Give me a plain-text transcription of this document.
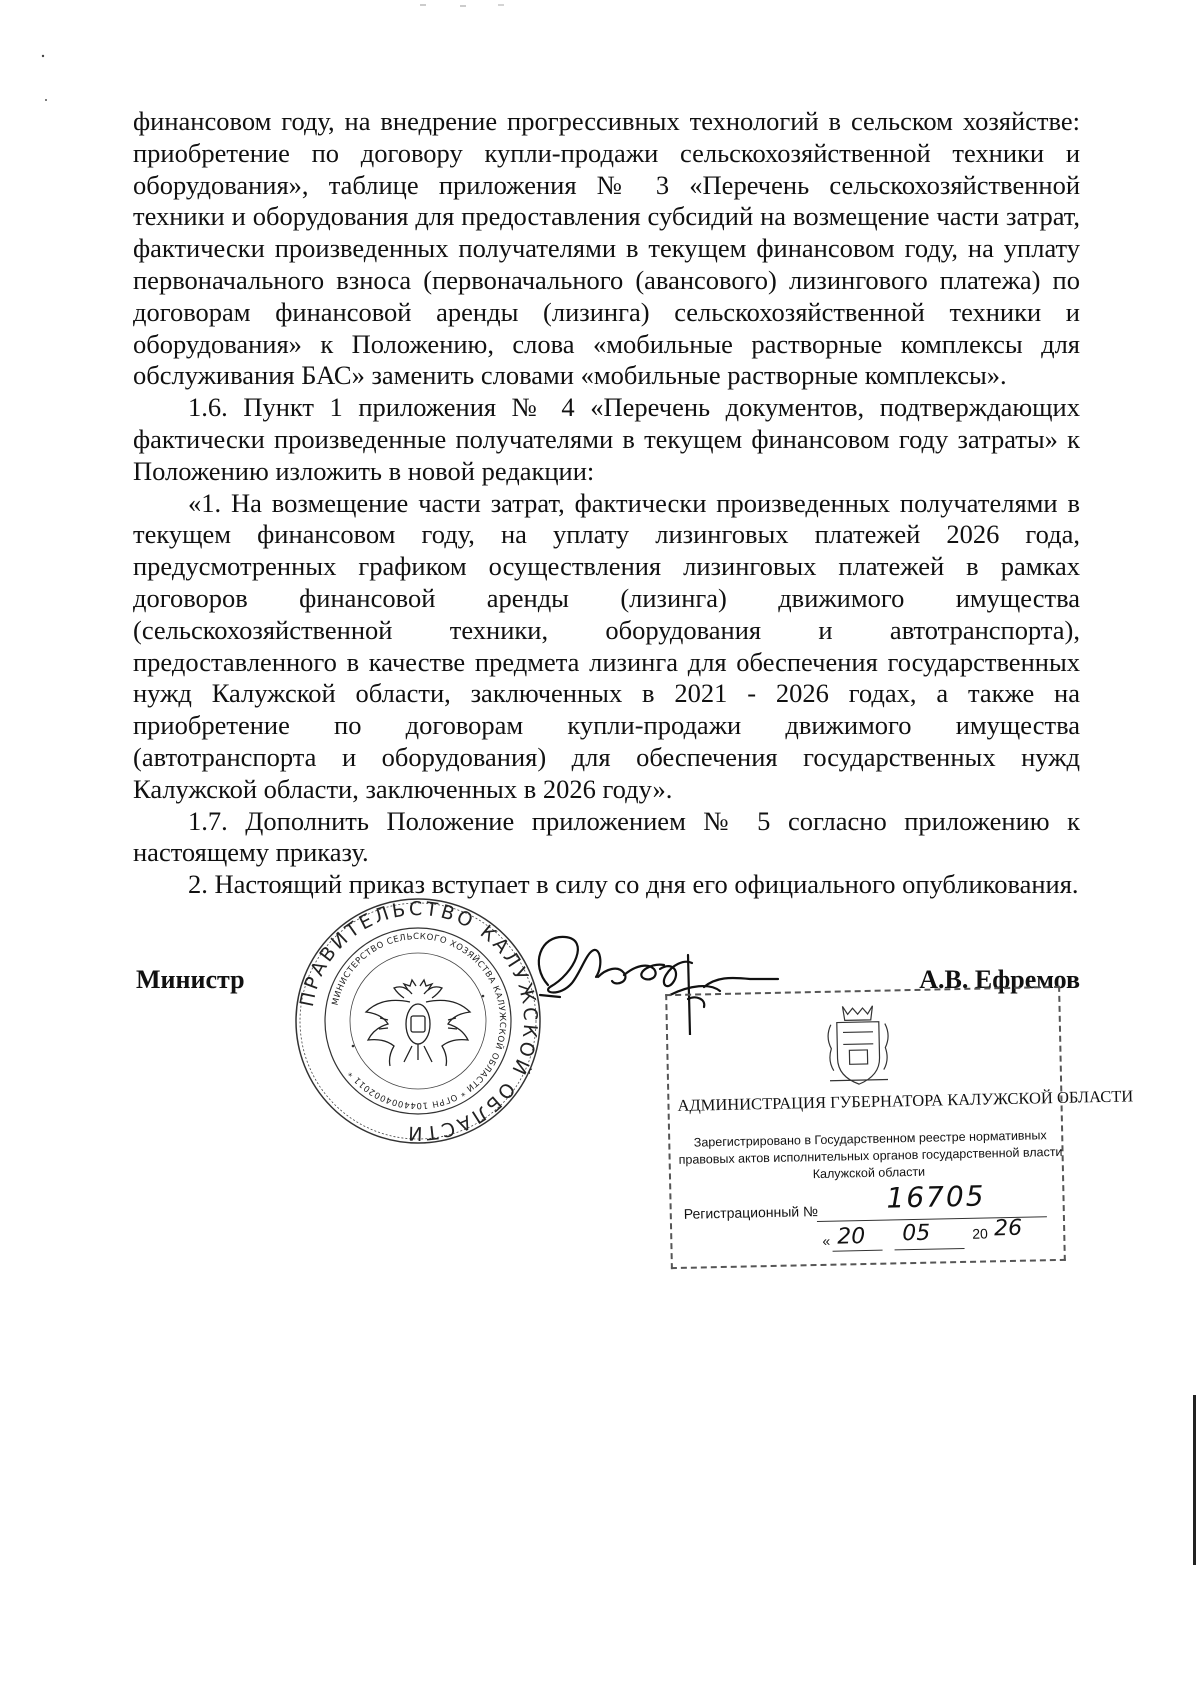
финансовом году, на внедрение прогрессивных технологий в сельском хозяйстве: приобретение по договору купли-продажи сельскохозяйственной техники и оборудования», таблице приложения № 3 «Перечень сельскохозяйственной техники и оборудования для предоставления субсидий на возмещение части затрат, фактически произведенных получателями в текущем финансовом году, на уплату первоначального взноса (первоначального (авансового) лизингового платежа) по договорам финансовой аренды (лизинга) сельскохозяйственной техники и оборудования» к Положению, слова «мобильные растворные комплексы для обслуживания БАС» заменить словами «мобильные растворные комплексы».

1.6. Пункт 1 приложения № 4 «Перечень документов, подтверждающих фактически произведенные получателями в текущем финансовом году затраты» к Положению изложить в новой редакции:

«1. На возмещение части затрат, фактически произведенных получателями в текущем финансовом году, на уплату лизинговых платежей 2026 года, предусмотренных графиком осуществления лизинговых платежей в рамках договоров финансовой аренды (лизинга) движимого имущества (сельскохозяйственной техники, оборудования и автотранспорта), предоставленного в качестве предмета лизинга для обеспечения государственных нужд Калужской области, заключенных в 2021 - 2026 годах, а также на приобретение по договорам купли-продажи движимого имущества (автотранспорта и оборудования) для обеспечения государственных нужд Калужской области, заключенных в 2026 году».

1.7. Дополнить Положение приложением № 5 согласно приложению к настоящему приказу.

2. Настоящий приказ вступает в силу со дня его официального опубликования.

ПРАВИТЕЛЬСТВО КАЛУЖСКОЙ ОБЛАСТИ
МИНИСТЕРСТВО СЕЛЬСКОГО ХОЗЯЙСТВА КАЛУЖСКОЙ ОБЛАСТИ * ОГРН 1044004002011 *
Министр	А.В. Ефремов
АДМИНИСТРАЦИЯ ГУБЕРНАТОРА КАЛУЖСКОЙ ОБЛАСТИ
Зарегистрировано в Государственном реестре нормативных
правовых актов исполнительных органов государственной власти
Калужской области
Регистрационный № 16705
« 20 05	20 26
